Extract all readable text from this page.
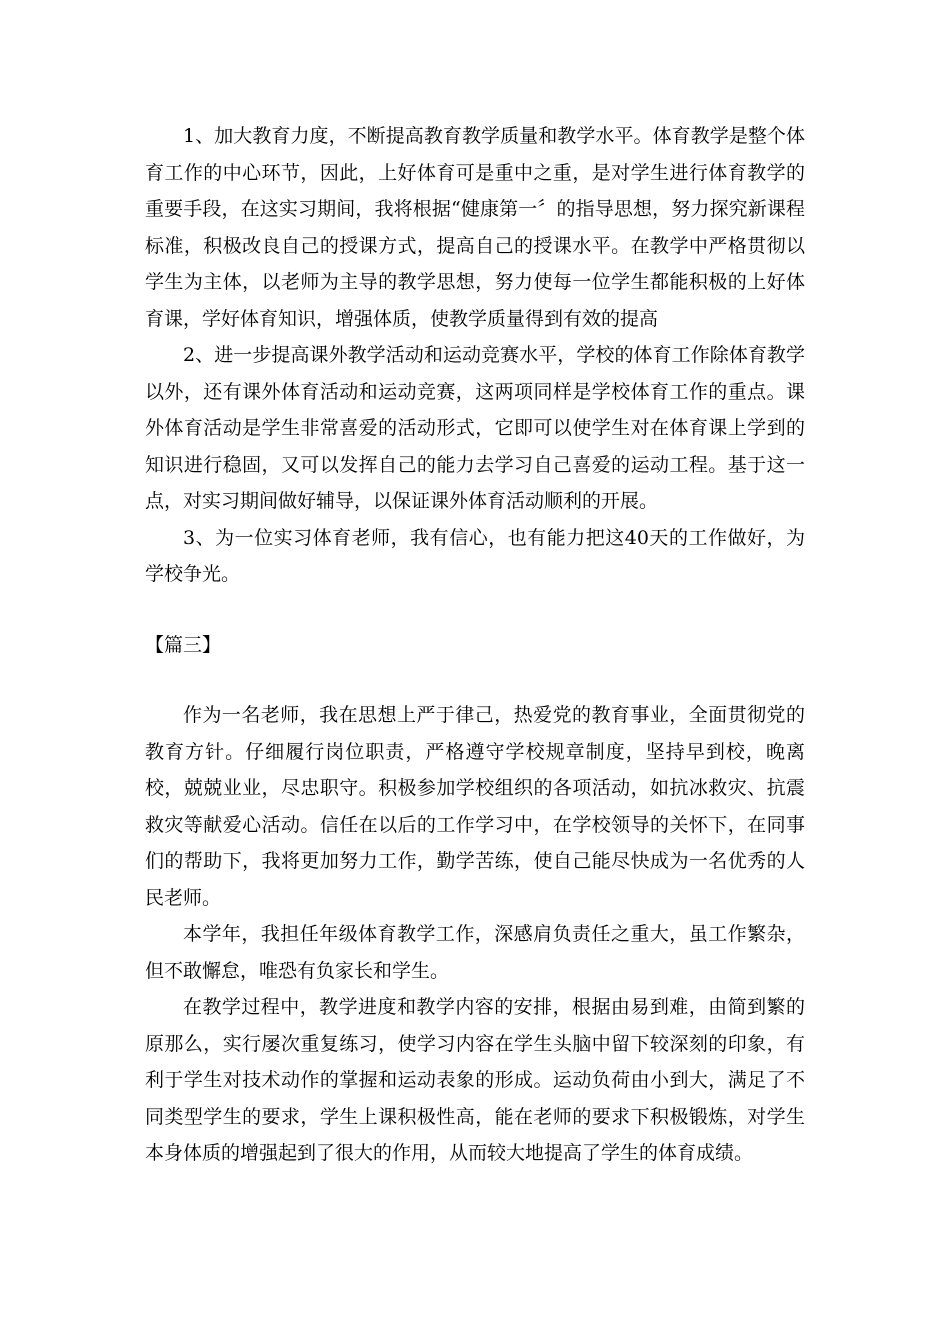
1、加大教育力度，不断提高教育教学质量和教学水平。体育教学是整个体育工作的中心环节，因此，上好体育可是重中之重，是对学生进行体育教学的重要手段，在这实习期间，我将根据“健康第一〞的指导思想，努力探究新课程标准，积极改良自己的授课方式，提高自己的授课水平。在教学中严格贯彻以学生为主体，以老师为主导的教学思想，努力使每一位学生都能积极的上好体育课，学好体育知识，增强体质，使教学质量得到有效的提高

2、进一步提高课外教学活动和运动竞赛水平，学校的体育工作除体育教学以外，还有课外体育活动和运动竞赛，这两项同样是学校体育工作的重点。课外体育活动是学生非常喜爱的活动形式，它即可以使学生对在体育课上学到的知识进行稳固，又可以发挥自己的能力去学习自己喜爱的运动工程。基于这一点，对实习期间做好辅导，以保证课外体育活动顺利的开展。

3、为一位实习体育老师，我有信心，也有能力把这40天的工作做好，为学校争光。

【篇三】

作为一名老师，我在思想上严于律己，热爱党的教育事业，全面贯彻党的教育方针。仔细履行岗位职责，严格遵守学校规章制度，坚持早到校，晚离校，兢兢业业，尽忠职守。积极参加学校组织的各项活动，如抗冰救灾、抗震救灾等献爱心活动。信任在以后的工作学习中，在学校领导的关怀下，在同事们的帮助下，我将更加努力工作，勤学苦练，使自己能尽快成为一名优秀的人民老师。

本学年，我担任年级体育教学工作，深感肩负责任之重大，虽工作繁杂，但不敢懈怠，唯恐有负家长和学生。

在教学过程中，教学进度和教学内容的安排，根据由易到难，由简到繁的原那么，实行屡次重复练习，使学习内容在学生头脑中留下较深刻的印象，有利于学生对技术动作的掌握和运动表象的形成。运动负荷由小到大，满足了不同类型学生的要求，学生上课积极性高，能在老师的要求下积极锻炼，对学生本身体质的增强起到了很大的作用，从而较大地提高了学生的体育成绩。
